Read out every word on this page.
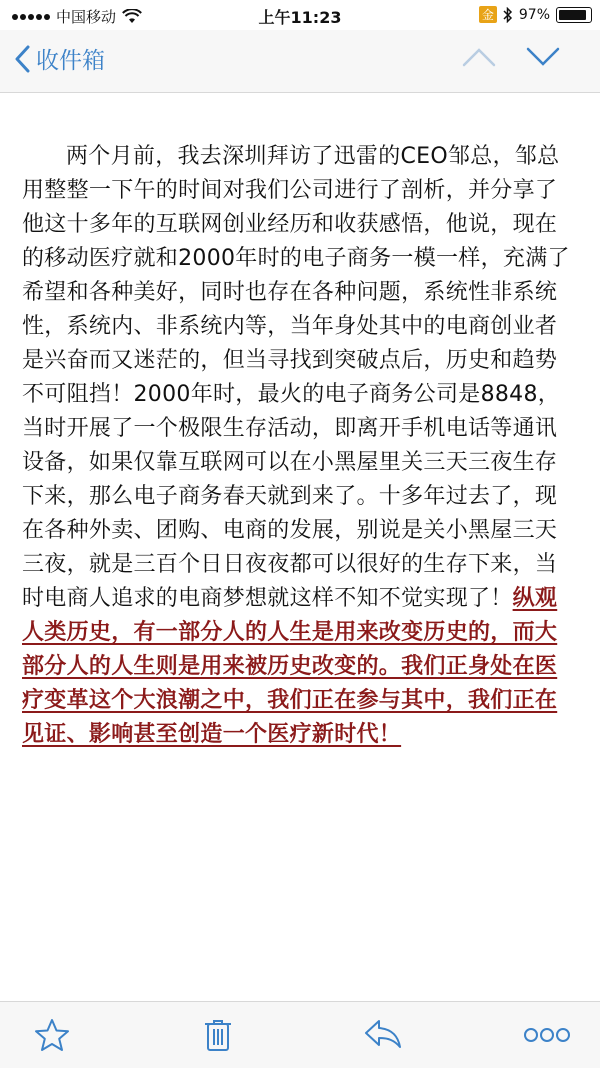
中国移动	上午11:23	金 97%
收件箱

两个月前，我去深圳拜访了迅雷的CEO邹总，邹总用整整一下午的时间对我们公司进行了剖析，并分享了他这十多年的互联网创业经历和收获感悟，他说，现在的移动医疗就和2000年时的电子商务一模一样，充满了希望和各种美好，同时也存在各种问题，系统性非系统性，系统内、非系统内等，当年身处其中的电商创业者是兴奋而又迷茫的，但当寻找到突破点后，历史和趋势不可阻挡！2000年时，最火的电子商务公司是8848，当时开展了一个极限生存活动，即离开手机电话等通讯设备，如果仅靠互联网可以在小黑屋里关三天三夜生存下来，那么电子商务春天就到来了。十多年过去了，现在各种外卖、团购、电商的发展，别说是关小黑屋三天三夜，就是三百个日日夜夜都可以很好的生存下来，当时电商人追求的电商梦想就这样不知不觉实现了！纵观人类历史，有一部分人的人生是用来改变历史的，而大部分人的人生则是用来被历史改变的。我们正身处在医疗变革这个大浪潮之中，我们正在参与其中，我们正在见证、影响甚至创造一个医疗新时代！
